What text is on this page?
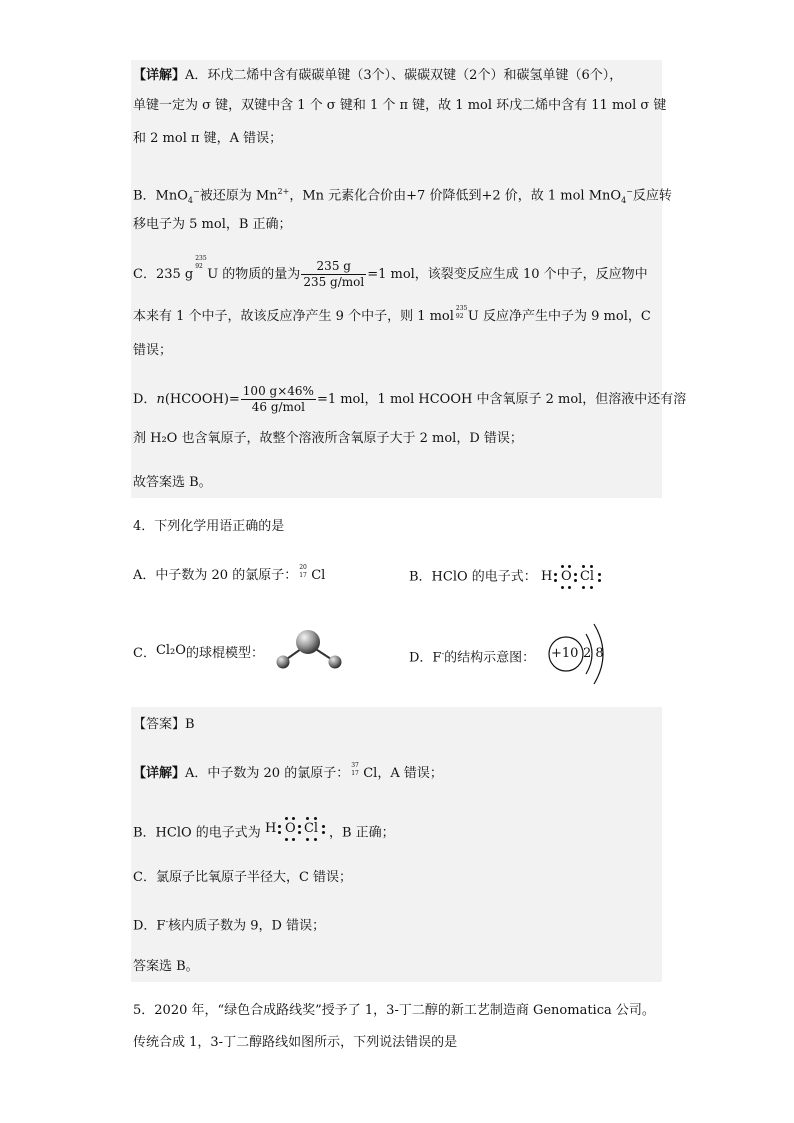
【详解】A．环戊二烯中含有碳碳单键（3个）、碳碳双键（2个）和碳氢单键（6个），
单键一定为 σ 键，双键中含 1 个 σ 键和 1 个 π 键，故 1 mol 环戊二烯中含有 11 mol σ 键
和 2 mol π 键，A 错误；
B．MnO$_4$−被还原为 $Mn^{2+}$，Mn 元素化合价由+7 价降低到+2 价，故 1 mol MnO$_4$−反应转
移电子为 5 mol，B 正确；
C．235 g
235
92
U 的物质的量为 $\frac{235 g}{\text{235 g/mol}} =1$ mol，该裂变反应生成 10 个中子，反应物中
本来有 1 个中子，故该反应净产生 9 个中子，则 1 mol
235
92 U 反应净产生中子为 9 mol，C
错误；
D．n(HCOOH)= $\frac{100 g\times 46\%}{\text{46 g/mol}} =1$ mol，1 mol HCOOH 中含氧原子 2 mol，但溶液中还有溶
剂 H₂O 也含氧原子，故整个溶液所含氧原子大于 2 mol，D 错误；
故答案选 B。
4．下列化学用语正确的是
A．中子数为 20 的氯原子：
20
17 Cl	B．HClO 的电子式： H O Cl
C．Cl₂O的球棍模型：	D．F-的结构示意图： +10 2 8
【答案】B
【详解】A．中子数为 20 的氯原子：
37
17 Cl，A 错误；
B．HClO 的电子式为 H O Cl ，B 正确；
C．氯原子比氧原子半径大，C 错误；
D．F-核内质子数为 9，D 错误；
答案选 B。
5．2020 年，“绿色合成路线奖”授予了 1，3-丁二醇的新工艺制造商 Genomatica 公司。
传统合成 1，3-丁二醇路线如图所示，下列说法错误的是
